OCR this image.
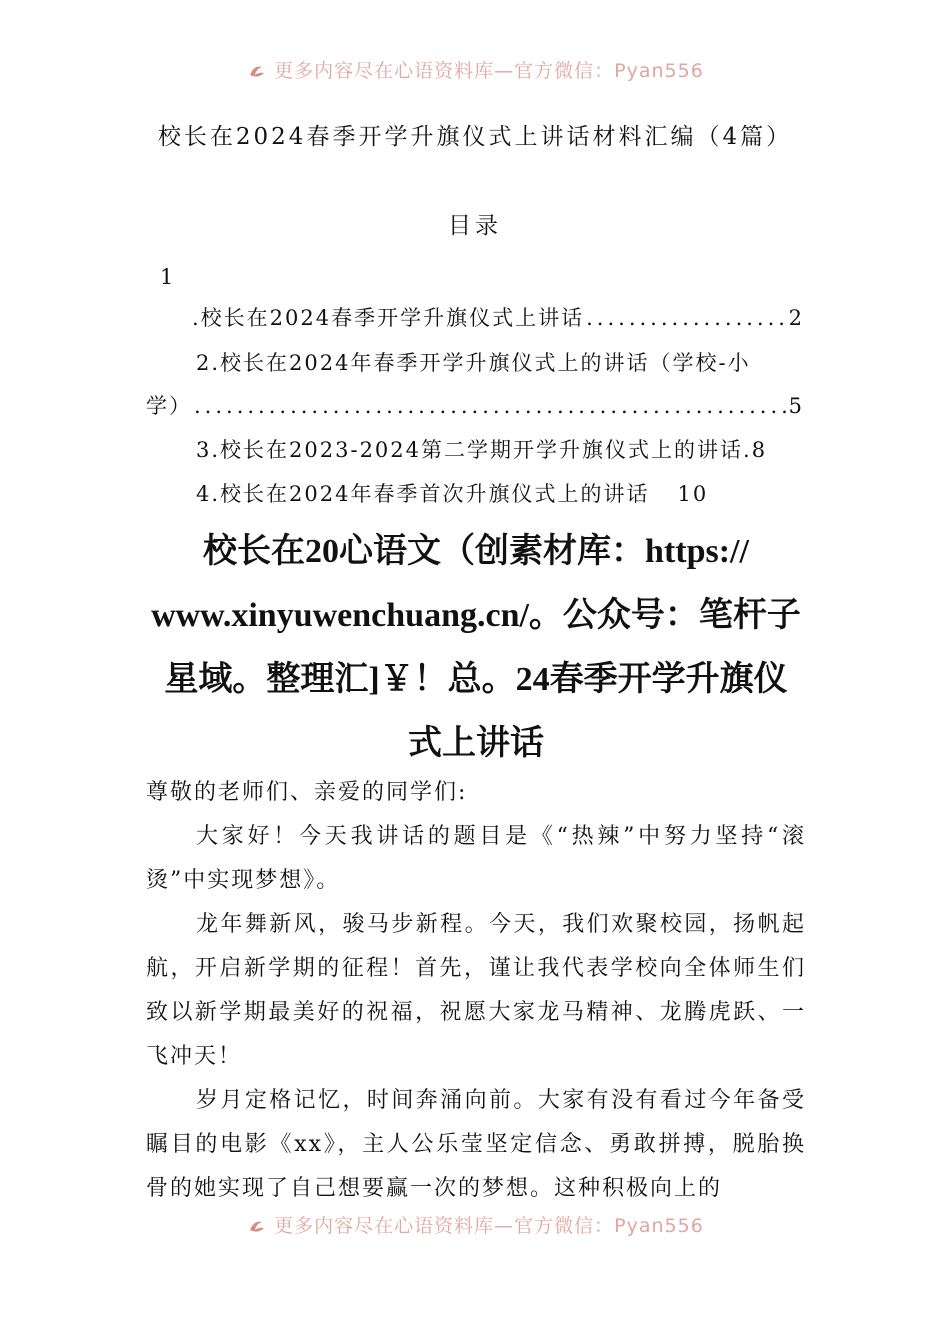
更多内容尽在心语资料库—官方微信：Pyan556
校长在2024春季开学升旗仪式上讲话材料汇编（4篇）
目录
1
.校长在2024春季开学升旗仪式上讲话 .....	2
2.校长在2024年春季开学升旗仪式上的讲话（学校-小
学） .....	5
3.校长在2023-2024第二学期开学升旗仪式上的讲话 .8
4.校长在2024年春季首次升旗仪式上的讲话 10
校长在20心语文（创素材库：https://
www.xinyuwenchuang.cn/。公众号：笔杆子
星域。整理汇]￥！总。24春季开学升旗仪
式上讲话

尊敬的老师们、亲爱的同学们:

大家好！今天我讲话的题目是《“热辣”中努力坚持“滚烫”中实现梦想》。

龙年舞新风，骏马步新程。今天，我们欢聚校园，扬帆起航，开启新学期的征程！首先，谨让我代表学校向全体师生们致以新学期最美好的祝福，祝愿大家龙马精神、龙腾虎跃、一飞冲天！

岁月定格记忆，时间奔涌向前。大家有没有看过今年备受瞩目的电影《xx》，主人公乐莹坚定信念、勇敢拼搏，脱胎换骨的她实现了自己想要赢一次的梦想。这种积极向上的

更多内容尽在心语资料库—官方微信：Pyan556
